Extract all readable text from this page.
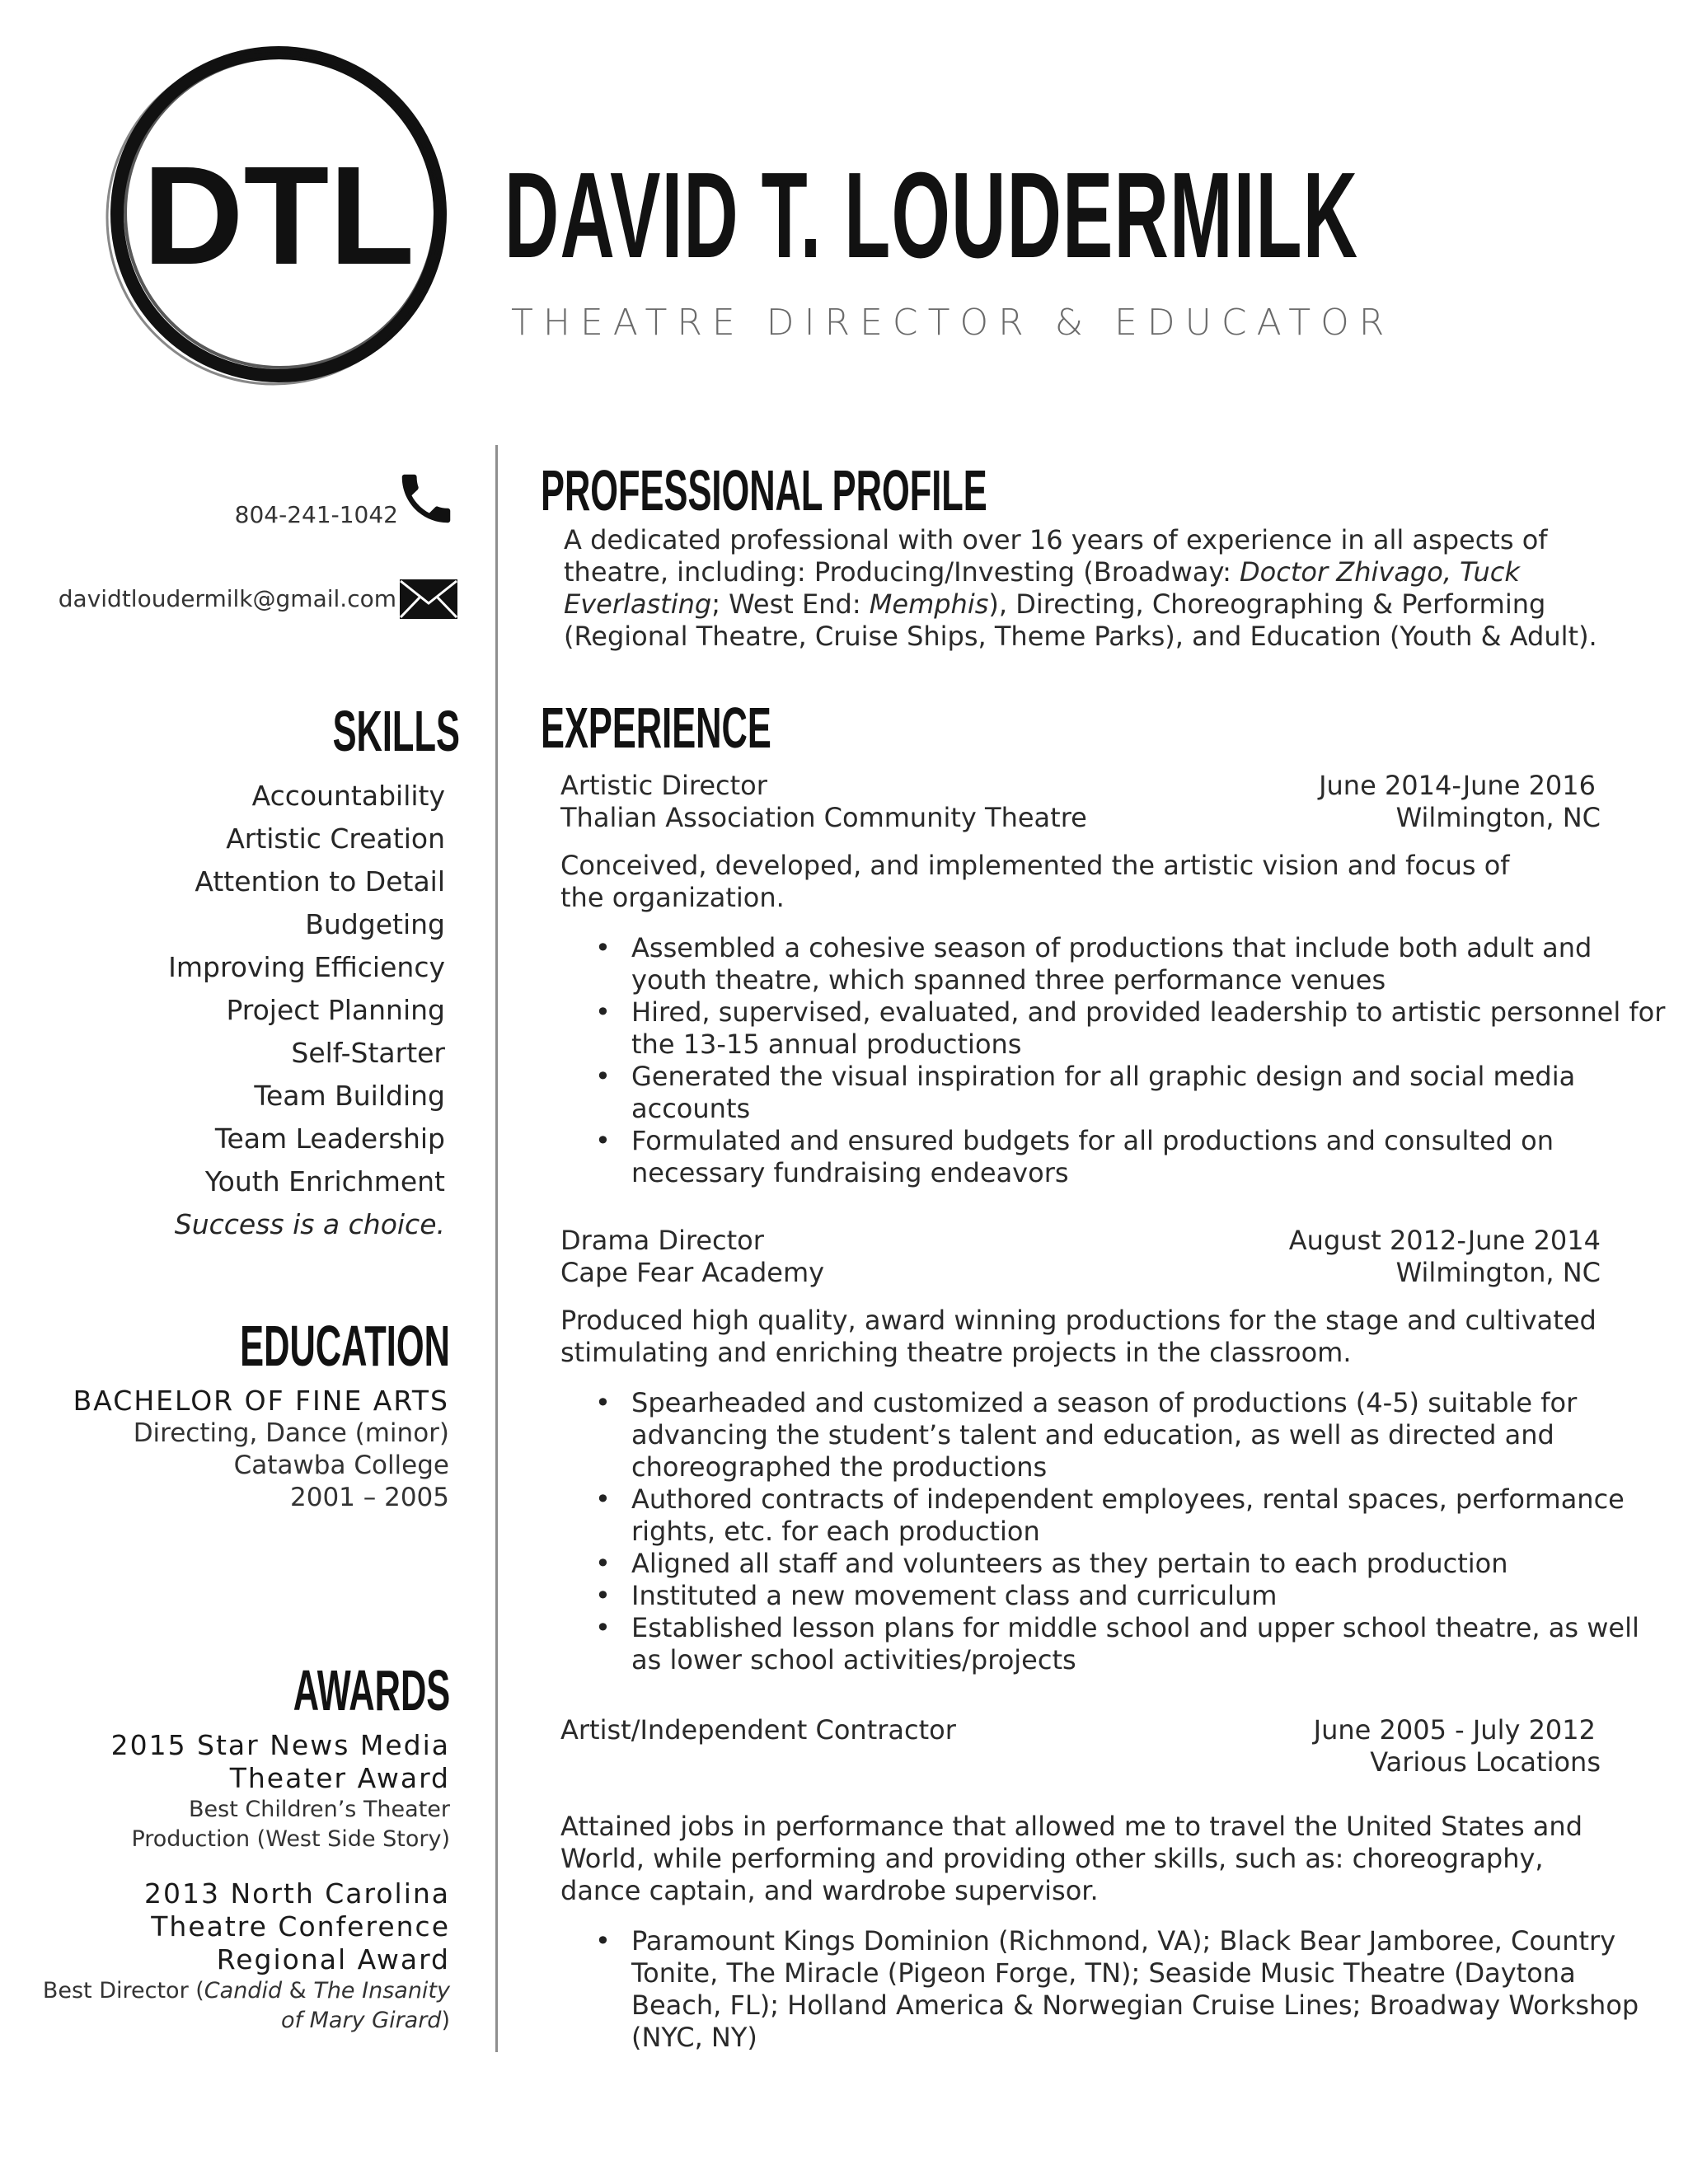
DTL DAVID T. LOUDERMILK
THEATRE DIRECTOR & EDUCATOR
804-241-1042
davidtloudermilk@gmail.com
SKILLS
Accountability
Artistic Creation
Attention to Detail
Budgeting
Improving Efficiency
Project Planning
Self-Starter
Team Building
Team Leadership
Youth Enrichment
Success is a choice.
EDUCATION
BACHELOR OF FINE ARTS
Directing, Dance (minor)
Catawba College
2001 – 2005
AWARDS
2015 Star News Media
Theater Award
Best Children’s Theater
Production (West Side Story)
2013 North Carolina
Theatre Conference
Regional Award
Best Director (Candid & The Insanity of Mary Girard)
PROFESSIONAL PROFILE
A dedicated professional with over 16 years of experience in all aspects of theatre, including: Producing/Investing (Broadway: Doctor Zhivago, Tuck Everlasting; West End: Memphis), Directing, Choreographing & Performing (Regional Theatre, Cruise Ships, Theme Parks), and Education (Youth & Adult).
EXPERIENCE
Artistic Director	June 2014-June 2016
Thalian Association Community Theatre	Wilmington, NC
Conceived, developed, and implemented the artistic vision and focus of the organization.
• Assembled a cohesive season of productions that include both adult and youth theatre, which spanned three performance venues
• Hired, supervised, evaluated, and provided leadership to artistic personnel for the 13-15 annual productions
• Generated the visual inspiration for all graphic design and social media accounts
• Formulated and ensured budgets for all productions and consulted on necessary fundraising endeavors
Drama Director	August 2012-June 2014
Cape Fear Academy	Wilmington, NC
Produced high quality, award winning productions for the stage and cultivated stimulating and enriching theatre projects in the classroom.
• Spearheaded and customized a season of productions (4-5) suitable for advancing the student’s talent and education, as well as directed and choreographed the productions
• Authored contracts of independent employees, rental spaces, performance rights, etc. for each production
• Aligned all staff and volunteers as they pertain to each production
• Instituted a new movement class and curriculum
• Established lesson plans for middle school and upper school theatre, as well as lower school activities/projects
Artist/Independent Contractor	June 2005 - July 2012
Various Locations
Attained jobs in performance that allowed me to travel the United States and World, while performing and providing other skills, such as: choreography, dance captain, and wardrobe supervisor.
• Paramount Kings Dominion (Richmond, VA); Black Bear Jamboree, Country Tonite, The Miracle (Pigeon Forge, TN); Seaside Music Theatre (Daytona Beach, FL); Holland America & Norwegian Cruise Lines; Broadway Workshop (NYC, NY)
